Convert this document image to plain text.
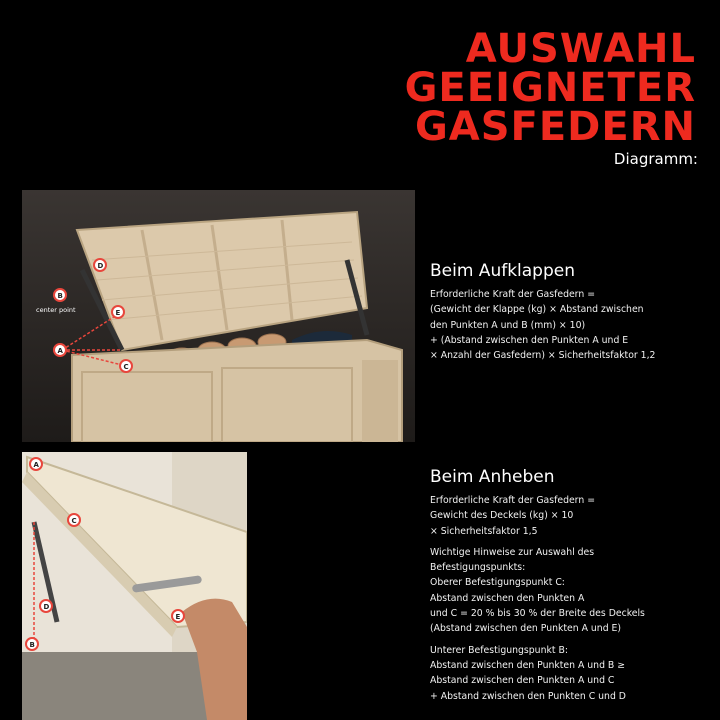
AUSWAHL
GEEIGNETER
GASFEDERN
Diagramm:
D
B
center point	E
A
C
A
C
D
B
E
Beim Aufklappen
Erforderliche Kraft der Gasfedern =
(Gewicht der Klappe (kg) × Abstand zwischen
den Punkten A und B (mm) × 10)
+ (Abstand zwischen den Punkten A und E
× Anzahl der Gasfedern) × Sicherheitsfaktor 1,2
Beim Anheben
Erforderliche Kraft der Gasfedern =
Gewicht des Deckels (kg) × 10
× Sicherheitsfaktor 1,5
Wichtige Hinweise zur Auswahl des
Befestigungspunkts:
Oberer Befestigungspunkt C:
Abstand zwischen den Punkten A
und C = 20 % bis 30 % der Breite des Deckels
(Abstand zwischen den Punkten A und E)
Unterer Befestigungspunkt B:
Abstand zwischen den Punkten A und B ≥
Abstand zwischen den Punkten A und C
+ Abstand zwischen den Punkten C und D
